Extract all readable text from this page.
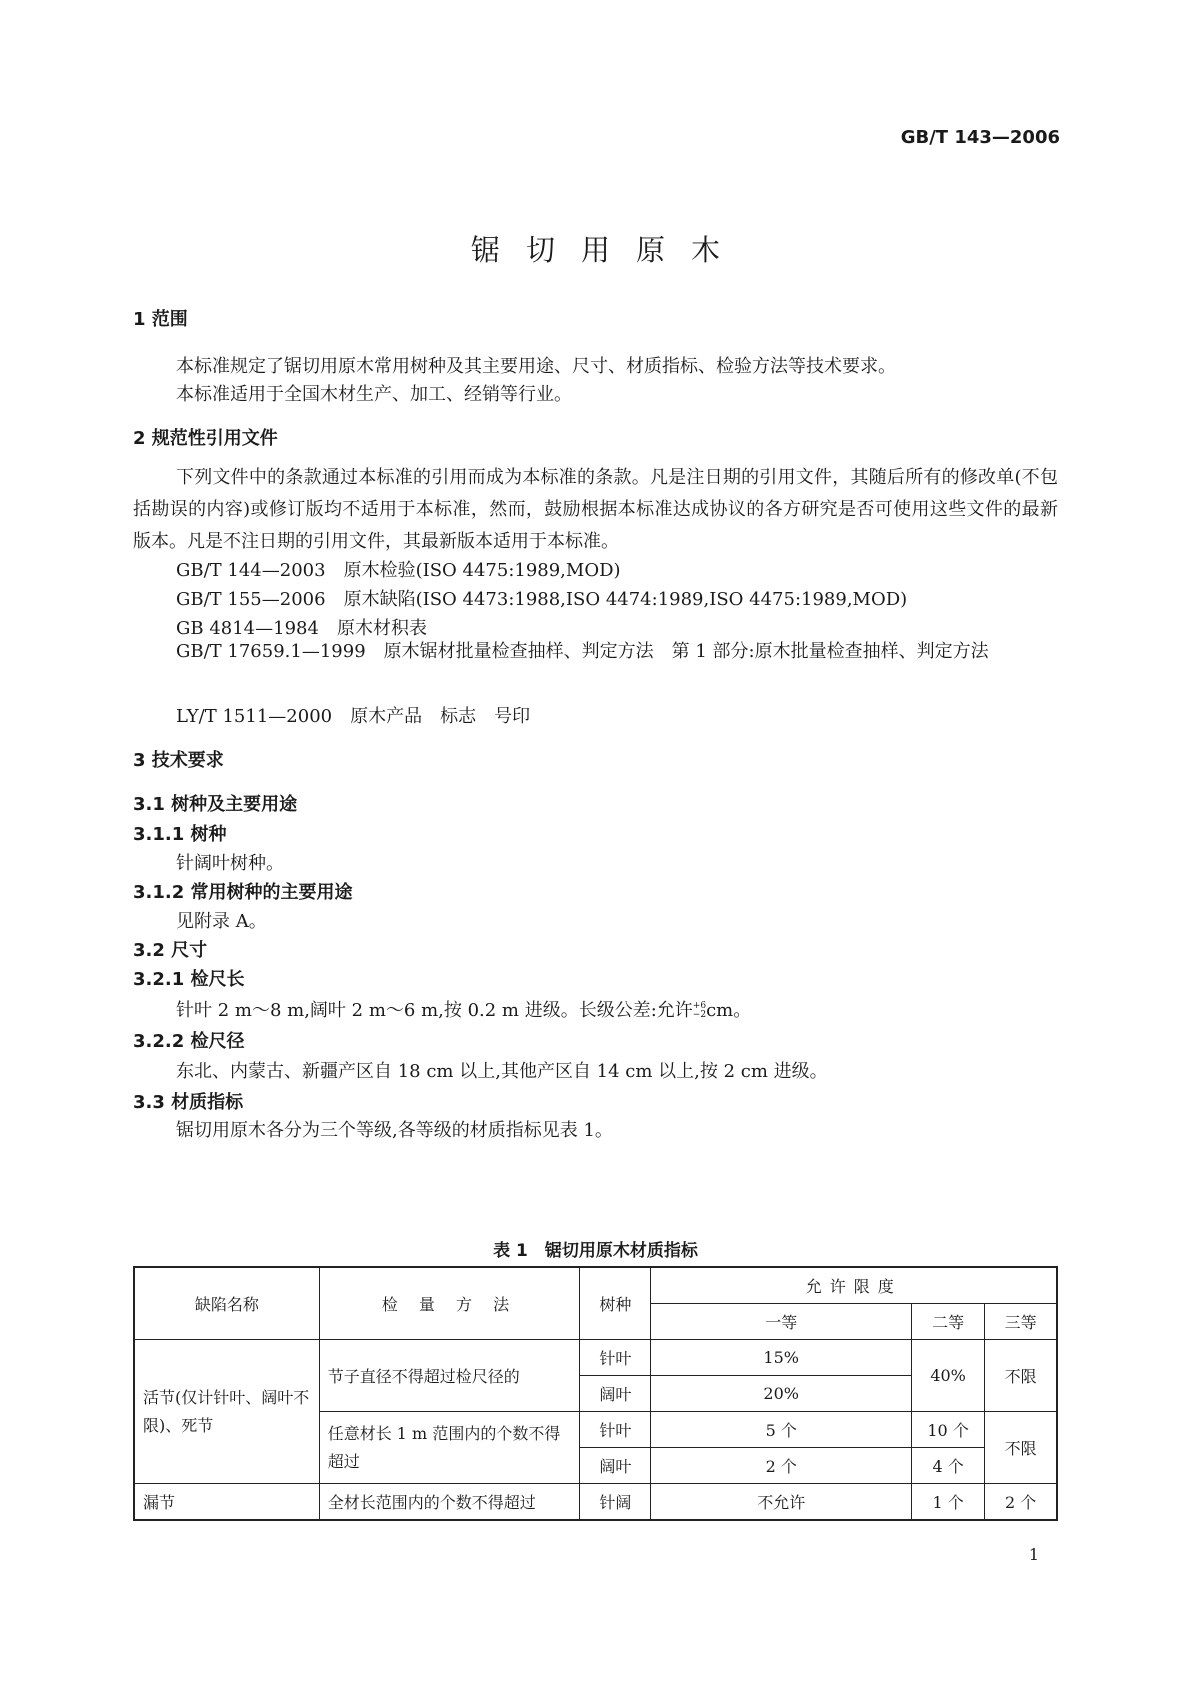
GB/T 143—2006
锯切用原木
1 范围
本标准规定了锯切用原木常用树种及其主要用途、尺寸、材质指标、检验方法等技术要求。
本标准适用于全国木材生产、加工、经销等行业。
2 规范性引用文件
下列文件中的条款通过本标准的引用而成为本标准的条款。凡是注日期的引用文件，其随后所有的修改单(不包括勘误的内容)或修订版均不适用于本标准，然而，鼓励根据本标准达成协议的各方研究是否可使用这些文件的最新版本。凡是不注日期的引用文件，其最新版本适用于本标准。
GB/T 144—2003　原木检验(ISO 4475:1989,MOD)
GB/T 155—2006　原木缺陷(ISO 4473:1988,ISO 4474:1989,ISO 4475:1989,MOD)
GB 4814—1984　原木材积表
GB/T 17659.1—1999　原木锯材批量检查抽样、判定方法　第 1 部分:原木批量检查抽样、判定方法
LY/T 1511—2000　原木产品　标志　号印
3 技术要求
3.1 树种及主要用途
3.1.1 树种
针阔叶树种。
3.1.2 常用树种的主要用途
见附录 A。
3.2 尺寸
3.2.1 检尺长
针叶 2 m～8 m,阔叶 2 m～6 m,按 0.2 m 进级。长级公差:允许 +6
−2 cm。
3.2.2 检尺径
东北、内蒙古、新疆产区自 18 cm 以上,其他产区自 14 cm 以上,按 2 cm 进级。
3.3 材质指标
锯切用原木各分为三个等级,各等级的材质指标见表 1。
表 1　锯切用原木材质指标
缺陷名称	检 量 方 法	树种	允许限度		
			一等	二等	三等
活节(仅计针叶、阔叶不限)、死节	节子直径不得超过检尺径的	针叶	15%	40%	不限
		阔叶	20%		
	任意材长 1 m 范围内的个数不得超过	针叶	5 个	10 个	不限
		阔叶	2 个	4 个	
漏节	全材长范围内的个数不得超过	针阔	不允许	1 个	2 个
1
